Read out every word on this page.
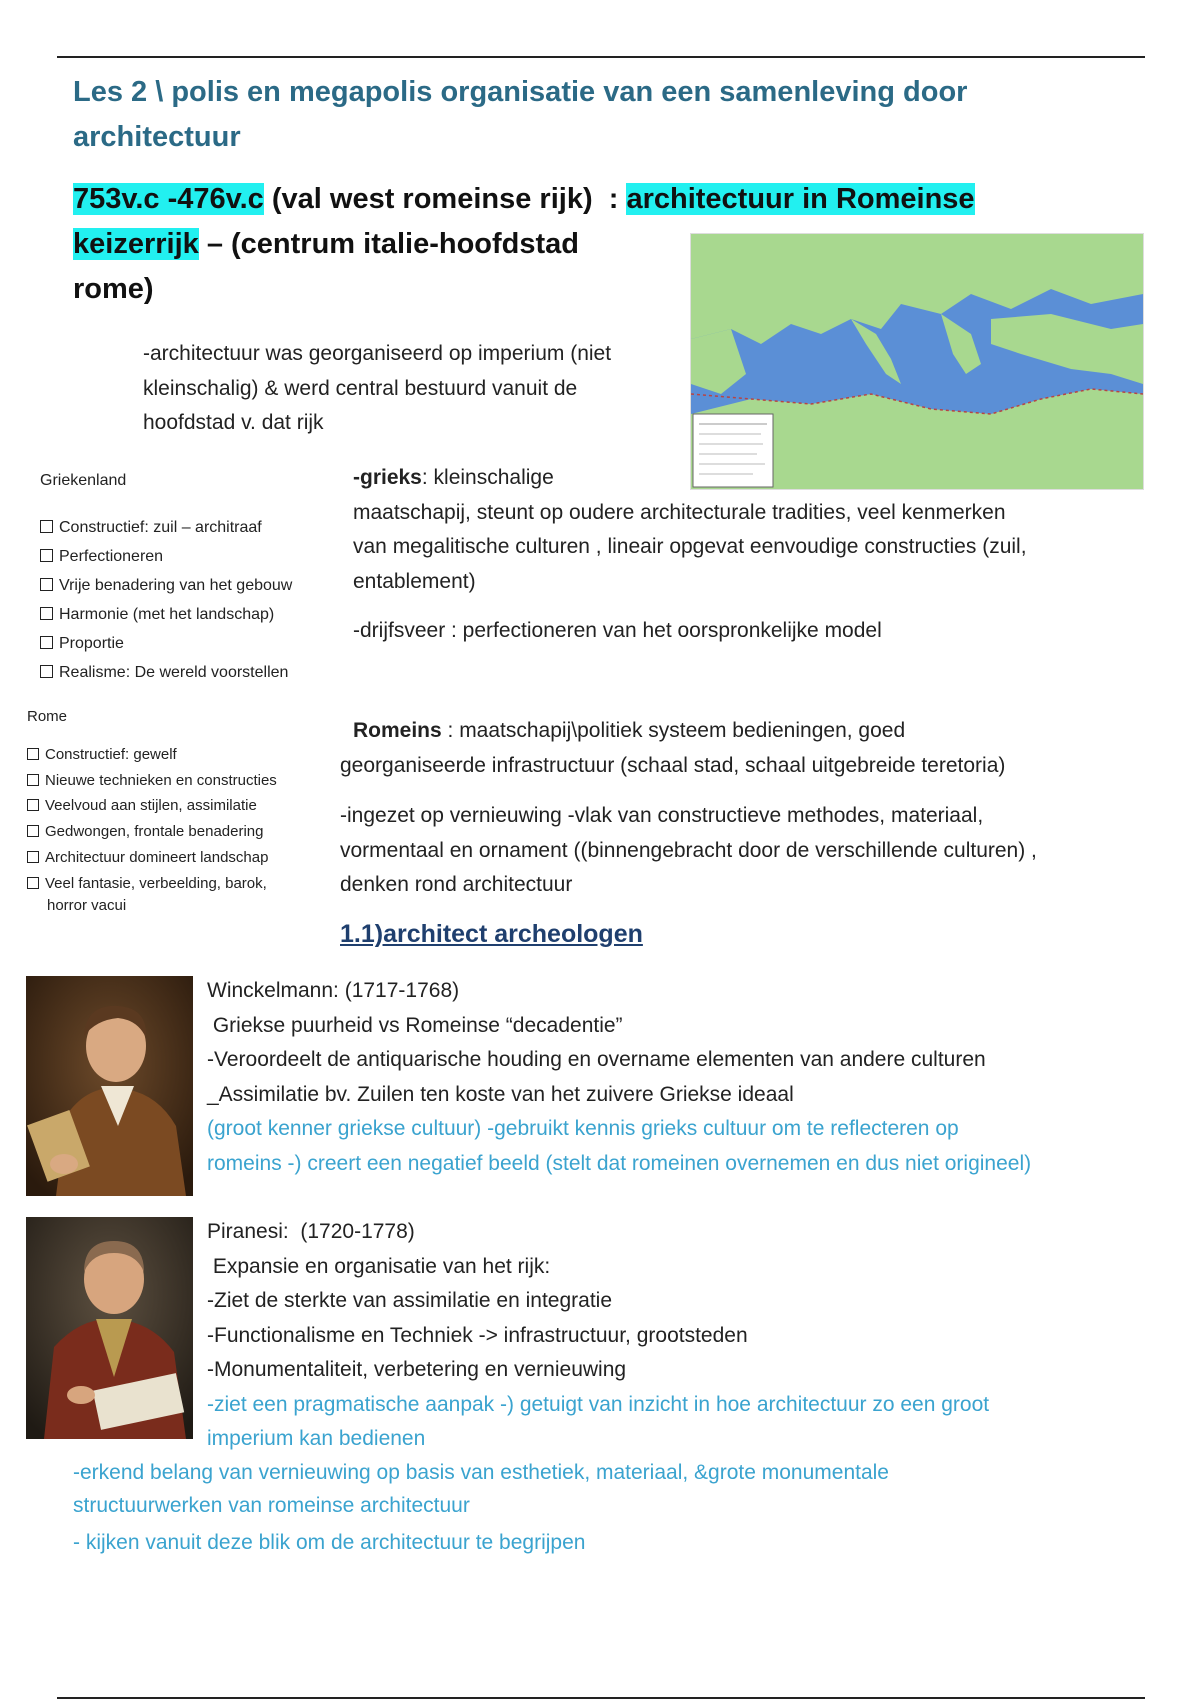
Les 2 \ polis en megapolis organisatie van een samenleving door
architectuur
753v.c -476v.c (val west romeinse rijk)  : architectuur in Romeinse
keizerrijk – (centrum italie-hoofdstad
rome)
-architectuur was georganiseerd op imperium (niet
kleinschalig) & werd central bestuurd vanuit de
hoofdstad v. dat rijk
Griekenland
Constructief: zuil – architraaf
Perfectioneren
Vrije benadering van het gebouw
Harmonie (met het landschap)
Proportie
Realisme: De wereld voorstellen
Rome
Constructief: gewelf
Nieuwe technieken en constructies
Veelvoud aan stijlen, assimilatie
Gedwongen, frontale benadering
Architectuur domineert landschap
Veel fantasie, verbeelding, barok,
horror vacui
-grieks: kleinschalige
maatschapij, steunt op oudere architecturale tradities, veel kenmerken
van megalitische culturen , lineair opgevat eenvoudige constructies (zuil,
entablement)
-drijfsveer : perfectioneren van het oorspronkelijke model
Romeins : maatschapij\politiek systeem bedieningen, goed
georganiseerde infrastructuur (schaal stad, schaal uitgebreide teretoria)
-ingezet op vernieuwing -vlak van constructieve methodes, materiaal,
vormentaal en ornament ((binnengebracht door de verschillende culturen) ,
denken rond architectuur
1.1)architect archeologen
Winckelmann: (1717-1768)
Griekse puurheid vs Romeinse “decadentie”
-Veroordeelt de antiquarische houding en overname elementen van andere culturen
_Assimilatie bv. Zuilen ten koste van het zuivere Griekse ideaal
(groot kenner griekse cultuur) -gebruikt kennis grieks cultuur om te reflecteren op
romeins -) creert een negatief beeld (stelt dat romeinen overnemen en dus niet origineel)
Piranesi:  (1720-1778)
Expansie en organisatie van het rijk:
-Ziet de sterkte van assimilatie en integratie
-Functionalisme en Techniek -> infrastructuur, grootsteden
-Monumentaliteit, verbetering en vernieuwing
-ziet een pragmatische aanpak -) getuigt van inzicht in hoe architectuur zo een groot
imperium kan bedienen
-erkend belang van vernieuwing op basis van esthetiek, materiaal, &grote monumentale
structuurwerken van romeinse architectuur
- kijken vanuit deze blik om de architectuur te begrijpen
